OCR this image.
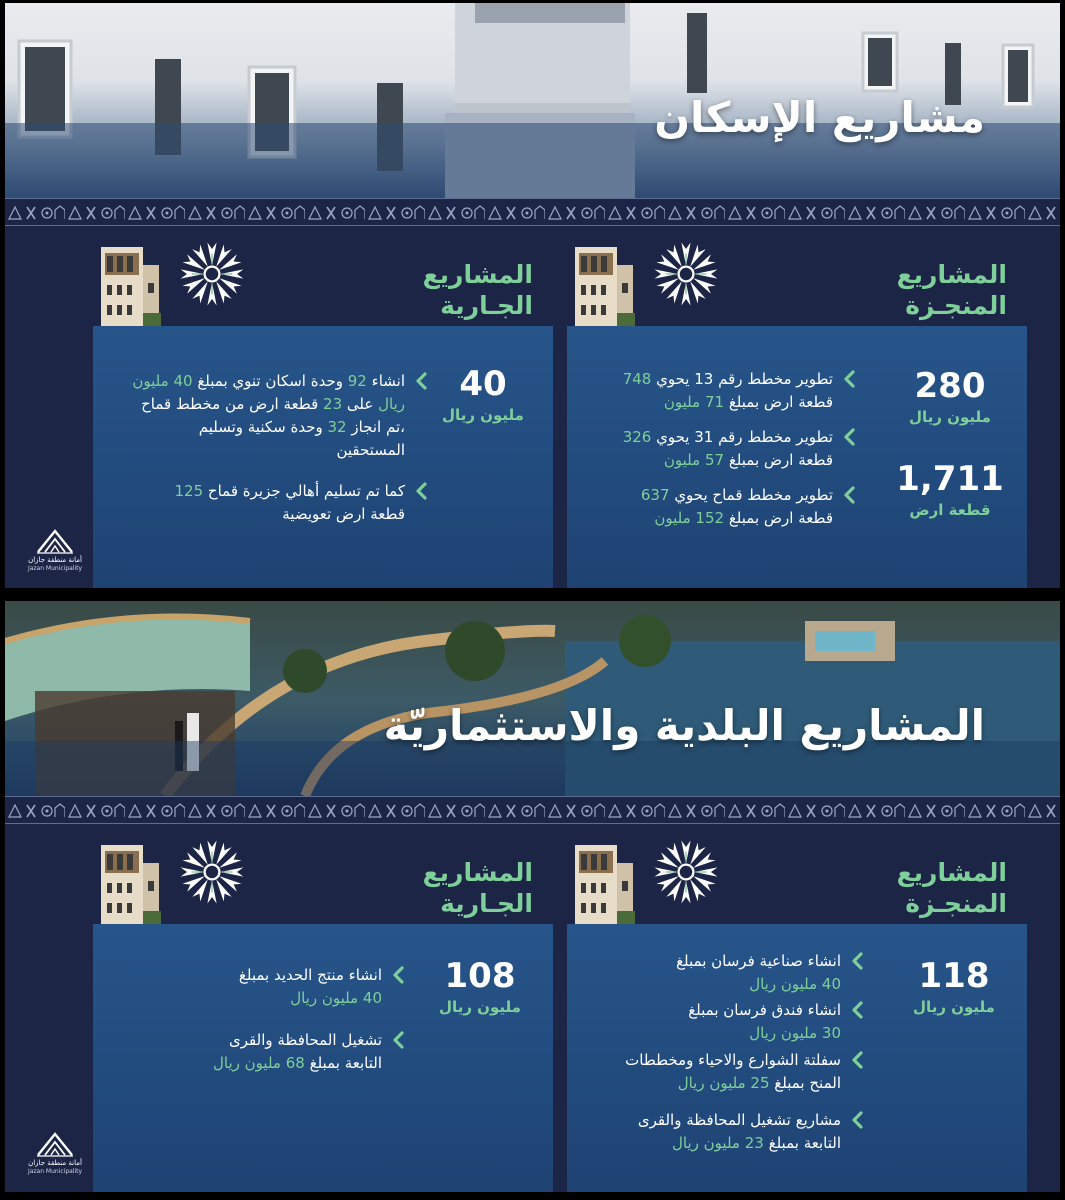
مشاريع الإسكان
المشاريع
المنجـزة
280
مليون ريال
1,711
قطعة ارض
تطوير مخطط رقم 13 يحوي 748
قطعة ارض بمبلغ 71 مليون
تطوير مخطط رقم 31 يحوي 326
قطعة ارض بمبلغ 57 مليون
تطوير مخطط قماح يحوي 637
قطعة ارض بمبلغ 152 مليون
المشاريع
الجـارية
40
مليون ريال
انشاء 92 وحدة اسكان تنوي بمبلغ 40 مليون ريال على 23 قطعة ارض من مخطط قماح ،تم انجاز 32 وحدة سكنية وتسليم المستحقين
كما تم تسليم أهالي جزيرة قماح 125
قطعة ارض تعويضية
أمانة منطقة جازان
Jazan Municipality
المشاريع البلدية والاستثماريّة
المشاريع
المنجـزة
118
مليون ريال
انشاء صناعية فرسان بمبلغ
40 مليون ريال
انشاء فندق فرسان بمبلغ
30 مليون ريال
سفلتة الشوارع والاحياء ومخططات
المنح بمبلغ 25 مليون ريال
مشاريع تشغيل المحافظة والقرى
التابعة بمبلغ 23 مليون ريال
المشاريع
الجـارية
108
مليون ريال
انشاء منتج الحديد بمبلغ
40 مليون ريال
تشغيل المحافظة والقرى
التابعة بمبلغ 68 مليون ريال
أمانة منطقة جازان
Jazan Municipality
